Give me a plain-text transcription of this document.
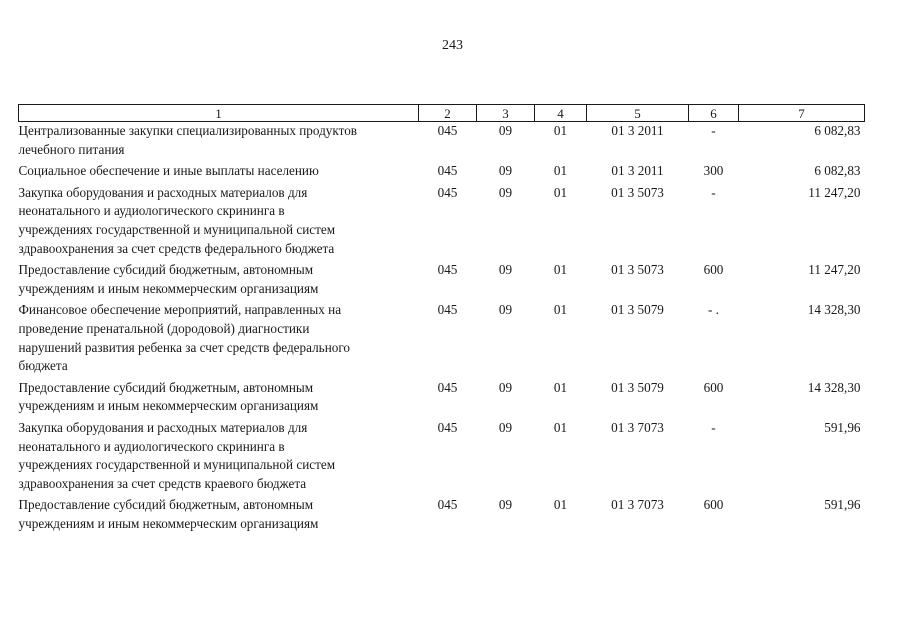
243
1	2	3	4	5	6	7

Централизованные закупки специализированных продуктов
лечебного питания	045	09	01	01 3 2011	-	6 082,83

Социальное обеспечение и иные выплаты населению	045	09	01	01 3 2011	300	6 082,83

Закупка оборудования и расходных материалов для
неонатального и аудиологического скрининга в
учреждениях государственной и муниципальной систем
здравоохранения за счет средств федерального бюджета	045	09	01	01 3 5073	-	11 247,20

Предоставление субсидий бюджетным, автономным
учреждениям и иным некоммерческим организациям	045	09	01	01 3 5073	600	11 247,20

Финансовое обеспечение мероприятий, направленных на
проведение пренатальной (дородовой) диагностики
нарушений развития ребенка за счет средств федерального
бюджета	045	09	01	01 3 5079	- .	14 328,30

Предоставление субсидий бюджетным, автономным
учреждениям и иным некоммерческим организациям	045	09	01	01 3 5079	600	14 328,30

Закупка оборудования и расходных материалов для
неонатального и аудиологического скрининга в
учреждениях государственной и муниципальной систем
здравоохранения за счет средств краевого бюджета	045	09	01	01 3 7073	-	591,96

Предоставление субсидий бюджетным, автономным
учреждениям и иным некоммерческим организациям	045	09	01	01 3 7073	600	591,96
